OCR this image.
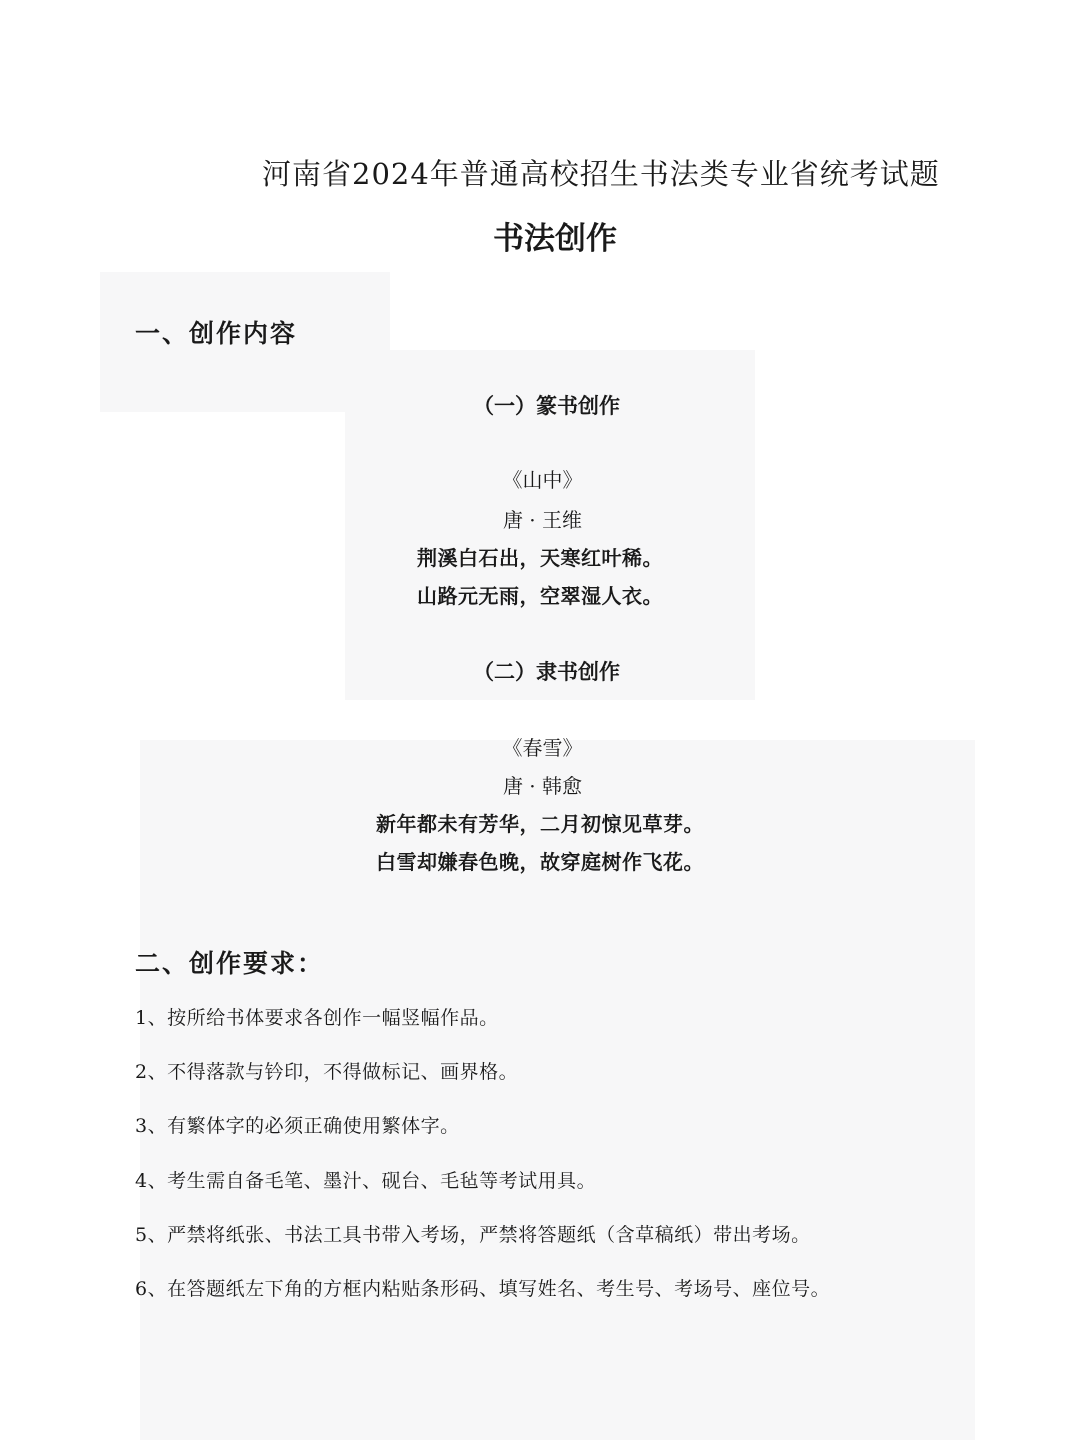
河南省2024年普通高校招生书法类专业省统考试题
书法创作
一、创作内容
（一）篆书创作
《山中》
唐 · 王维
荆溪白石出，天寒红叶稀。
山路元无雨，空翠湿人衣。
（二）隶书创作
《春雪》
唐 · 韩愈
新年都未有芳华，二月初惊见草芽。
白雪却嫌春色晚，故穿庭树作飞花。
二、创作要求：
1、按所给书体要求各创作一幅竖幅作品。
2、不得落款与钤印，不得做标记、画界格。
3、有繁体字的必须正确使用繁体字。
4、考生需自备毛笔、墨汁、砚台、毛毡等考试用具。
5、严禁将纸张、书法工具书带入考场，严禁将答题纸（含草稿纸）带出考场。
6、在答题纸左下角的方框内粘贴条形码、填写姓名、考生号、考场号、座位号。
